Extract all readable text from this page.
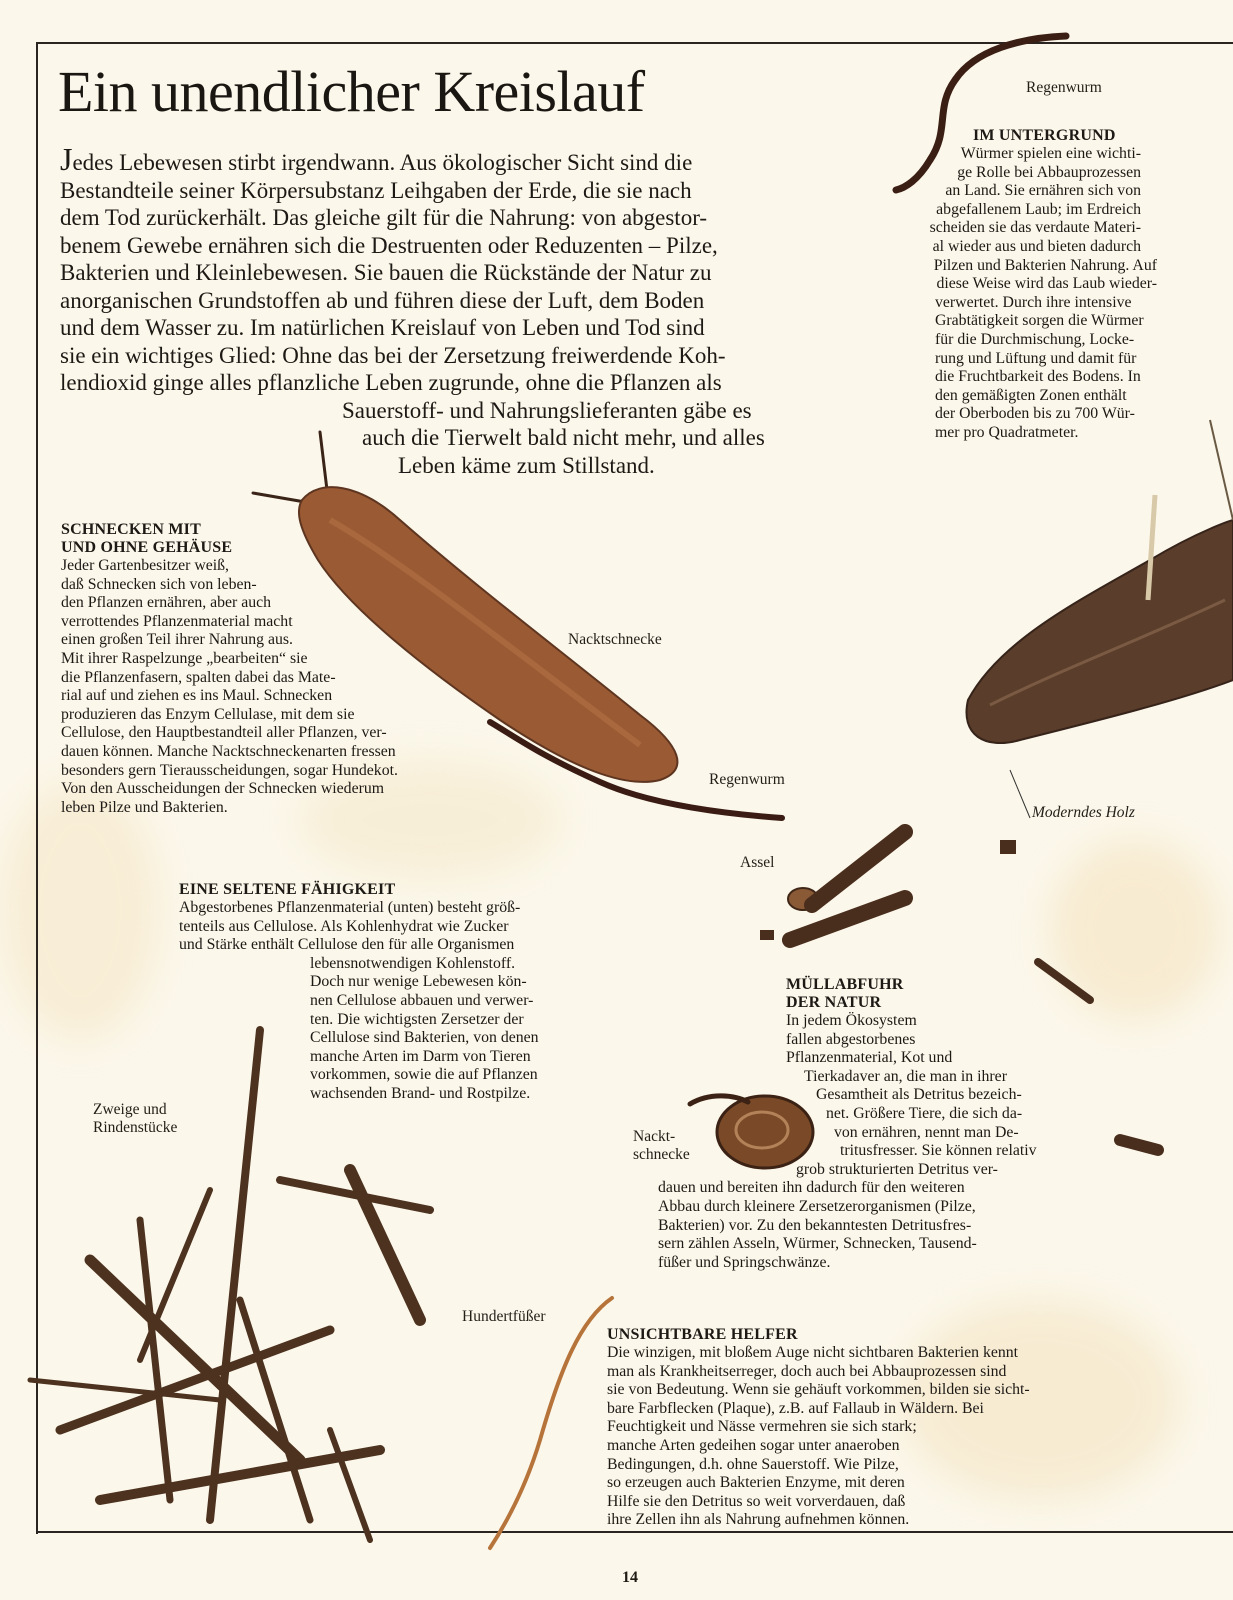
Ein unendlicher Kreislauf
Jedes Lebewesen stirbt irgendwann. Aus ökologischer Sicht sind die
Bestandteile seiner Körpersubstanz Leihgaben der Erde, die sie nach
dem Tod zurückerhält. Das gleiche gilt für die Nahrung: von abgestor-
benem Gewebe ernähren sich die Destruenten oder Reduzenten – Pilze,
Bakterien und Kleinlebewesen. Sie bauen die Rückstände der Natur zu
anorganischen Grundstoffen ab und führen diese der Luft, dem Boden
und dem Wasser zu. Im natürlichen Kreislauf von Leben und Tod sind
sie ein wichtiges Glied: Ohne das bei der Zersetzung freiwerdende Koh-
lendioxid ginge alles pflanzliche Leben zugrunde, ohne die Pflanzen als
Sauerstoff- und Nahrungslieferanten gäbe es
auch die Tierwelt bald nicht mehr, und alles
Leben käme zum Stillstand.
IM UNTERGRUND
Würmer spielen eine wichti-
ge Rolle bei Abbauprozessen
an Land. Sie ernähren sich von
abgefallenem Laub; im Erdreich
scheiden sie das verdaute Materi-
al wieder aus und bieten dadurch
Pilzen und Bakterien Nahrung. Auf
diese Weise wird das Laub wieder-
verwertet. Durch ihre intensive
Grabtätigkeit sorgen die Würmer
für die Durchmischung, Locke-
rung und Lüftung und damit für
die Fruchtbarkeit des Bodens. In
den gemäßigten Zonen enthält
der Oberboden bis zu 700 Wür-
mer pro Quadratmeter.
SCHNECKEN MIT
UND OHNE GEHÄUSE
Jeder Gartenbesitzer weiß,
daß Schnecken sich von leben-
den Pflanzen ernähren, aber auch
verrottendes Pflanzenmaterial macht
einen großen Teil ihrer Nahrung aus.
Mit ihrer Raspelzunge „bearbeiten“ sie
die Pflanzenfasern, spalten dabei das Mate-
rial auf und ziehen es ins Maul. Schnecken
produzieren das Enzym Cellulase, mit dem sie
Cellulose, den Hauptbestandteil aller Pflanzen, ver-
dauen können. Manche Nacktschneckenarten fressen
besonders gern Tierausscheidungen, sogar Hundekot.
Von den Ausscheidungen der Schnecken wiederum
leben Pilze und Bakterien.
EINE SELTENE FÄHIGKEIT
Abgestorbenes Pflanzenmaterial (unten) besteht größ-
tenteils aus Cellulose. Als Kohlenhydrat wie Zucker
und Stärke enthält Cellulose den für alle Organismen
lebensnotwendigen Kohlenstoff.
Doch nur wenige Lebewesen kön-
nen Cellulose abbauen und verwer-
ten. Die wichtigsten Zersetzer der
Cellulose sind Bakterien, von denen
manche Arten im Darm von Tieren
vorkommen, sowie die auf Pflanzen
wachsenden Brand- und Rostpilze.
MÜLLABFUHR
DER NATUR
In jedem Ökosystem
fallen abgestorbenes
Pflanzenmaterial, Kot und
Tierkadaver an, die man in ihrer
Gesamtheit als Detritus bezeich-
net. Größere Tiere, die sich da-
von ernähren, nennt man De-
tritusfresser. Sie können relativ
grob strukturierten Detritus ver-
dauen und bereiten ihn dadurch für den weiteren
Abbau durch kleinere Zersetzerorganismen (Pilze,
Bakterien) vor. Zu den bekanntesten Detritusfres-
sern zählen Asseln, Würmer, Schnecken, Tausend-
füßer und Springschwänze.
UNSICHTBARE HELFER
Die winzigen, mit bloßem Auge nicht sichtbaren Bakterien kennt
man als Krankheitserreger, doch auch bei Abbauprozessen sind
sie von Bedeutung. Wenn sie gehäuft vorkommen, bilden sie sicht-
bare Farbflecken (Plaque), z.B. auf Fallaub in Wäldern. Bei
Feuchtigkeit und Nässe vermehren sie sich stark;
manche Arten gedeihen sogar unter anaeroben
Bedingungen, d.h. ohne Sauerstoff. Wie Pilze,
so erzeugen auch Bakterien Enzyme, mit deren
Hilfe sie den Detritus so weit vorverdauen, daß
ihre Zellen ihn als Nahrung aufnehmen können.
Regenwurm
Nacktschnecke
Regenwurm
Moderndes Holz
Assel
Zweige und
Rindenstücke
Nackt-
schnecke
Hundertfüßer
14
